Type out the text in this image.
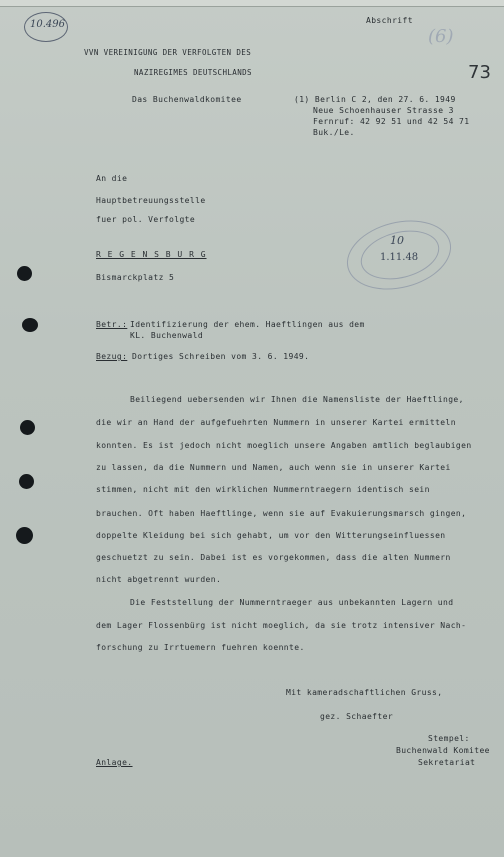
10.496	Abschrift
(6)
73
VVN VEREINIGUNG DER VERFOLGTEN DES
NAZIREGIMES DEUTSCHLANDS
Das Buchenwaldkomitee	(1) Berlin C 2, den 27. 6. 1949
Neue Schoenhauser Strasse 3
Fernruf: 42 92 51 und 42 54 71
Buk./Le.
An die
Hauptbetreuungsstelle
fuer pol. Verfolgte
R E G E N S B U R G
Bismarckplatz 5
10
1.11.48
Betr.: Identifizierung der ehem. Haeftlingen aus dem
KL. Buchenwald
Bezug: Dortiges Schreiben vom 3. 6. 1949.
Beiliegend uebersenden wir Ihnen die Namensliste der Haeftlinge,
die wir an Hand der aufgefuehrten Nummern in unserer Kartei ermitteln
konnten. Es ist jedoch nicht moeglich unsere Angaben amtlich beglaubigen
zu lassen, da die Nummern und Namen, auch wenn sie in unserer Kartei
stimmen, nicht mit den wirklichen Nummerntraegern identisch sein
brauchen. Oft haben Haeftlinge, wenn sie auf Evakuierungsmarsch gingen,
doppelte Kleidung bei sich gehabt, um vor den Witterungseinfluessen
geschuetzt zu sein. Dabei ist es vorgekommen, dass die alten Nummern
nicht abgetrennt wurden.
Die Feststellung der Nummerntraeger aus unbekannten Lagern und
dem Lager Flossenbürg ist nicht moeglich, da sie trotz intensiver Nach-
forschung zu Irrtuemern fuehren koennte.
Mit kameradschaftlichen Gruss,
gez. Schaefter
Stempel:
Buchenwald Komitee
Sekretariat
Anlage.
